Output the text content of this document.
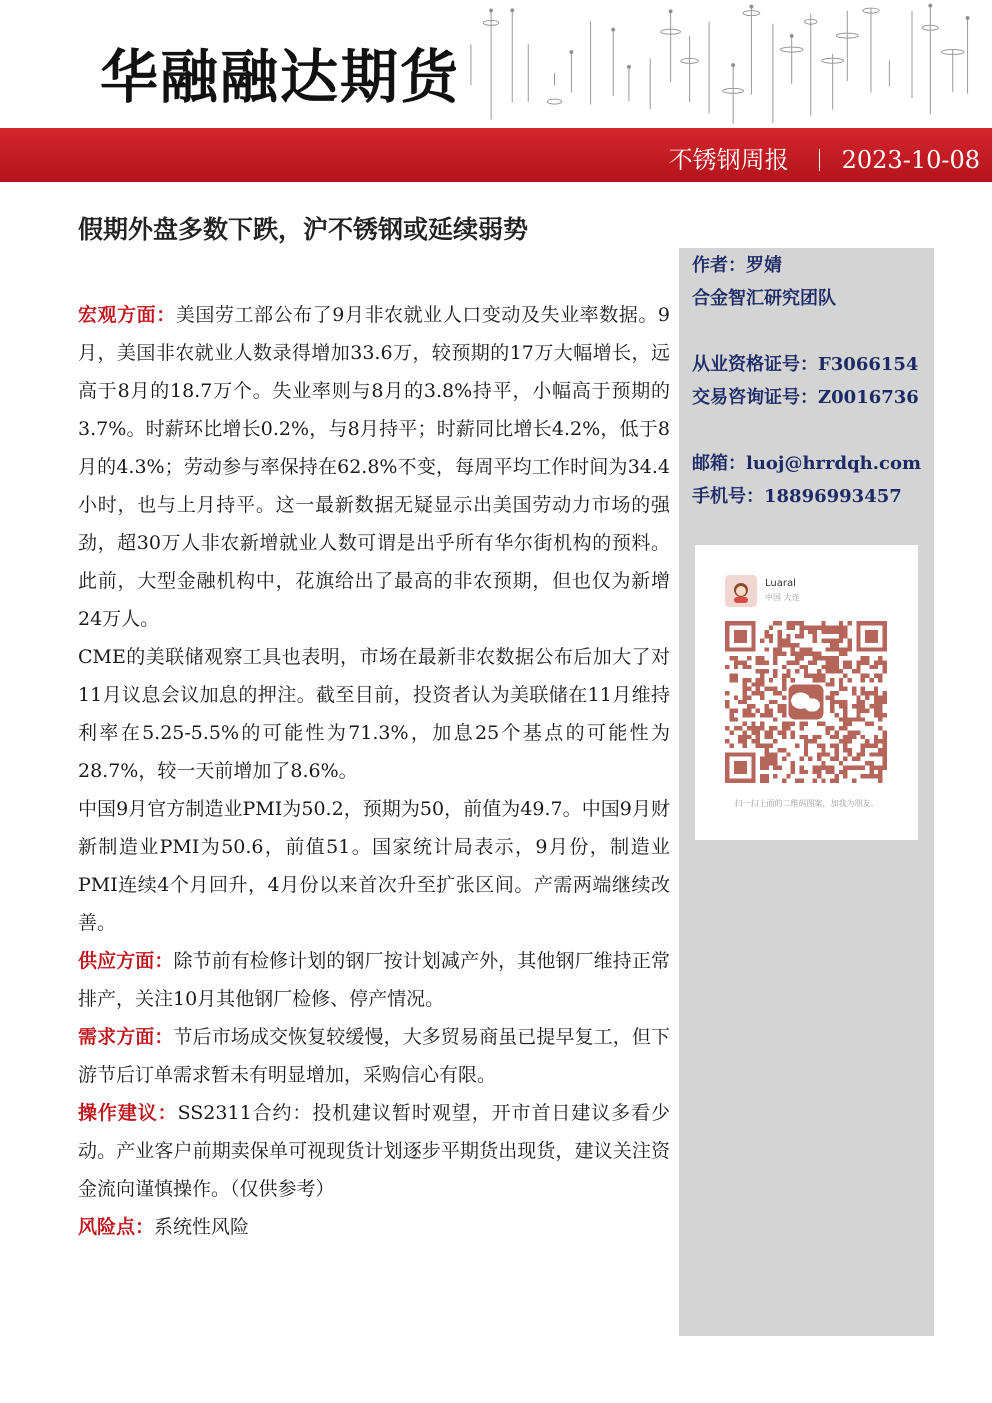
华融融达期货
不锈钢周报 2023-10-08
假期外盘多数下跌，沪不锈钢或延续弱势

宏观方面：美国劳工部公布了9月非农就业人口变动及失业率数据。9月，美国非农就业人数录得增加33.6万，较预期的17万大幅增长，远高于8月的18.7万个。失业率则与8月的3.8%持平，小幅高于预期的3.7%。时薪环比增长0.2%，与8月持平；时薪同比增长4.2%，低于8月的4.3%；劳动参与率保持在62.8%不变，每周平均工作时间为34.4小时，也与上月持平。这一最新数据无疑显示出美国劳动力市场的强劲，超30万人非农新增就业人数可谓是出乎所有华尔街机构的预料。此前，大型金融机构中，花旗给出了最高的非农预期，但也仅为新增24万人。

CME的美联储观察工具也表明，市场在最新非农数据公布后加大了对11月议息会议加息的押注。截至目前，投资者认为美联储在11月维持利率在5.25-5.5%的可能性为71.3%，加息25个基点的可能性为28.7%，较一天前增加了8.6%。

中国9月官方制造业PMI为50.2，预期为50，前值为49.7。中国9月财新制造业PMI为50.6，前值51。国家统计局表示，9月份，制造业PMI连续4个月回升，4月份以来首次升至扩张区间。产需两端继续改善。

供应方面：除节前有检修计划的钢厂按计划减产外，其他钢厂维持正常排产，关注10月其他钢厂检修、停产情况。

需求方面：节后市场成交恢复较缓慢，大多贸易商虽已提早复工，但下游节后订单需求暂未有明显增加，采购信心有限。

操作建议：SS2311合约：投机建议暂时观望，开市首日建议多看少动。产业客户前期卖保单可视现货计划逐步平期货出现货，建议关注资金流向谨慎操作。（仅供参考）

风险点：系统性风险

作者：罗婧
合金智汇研究团队
从业资格证号：F3066154
交易咨询证号：Z0016736
邮箱：luoj@hrrdqh.com
手机号：18896993457
Luaral
中国 大连
扫一扫上面的二维码图案，加我为朋友。
